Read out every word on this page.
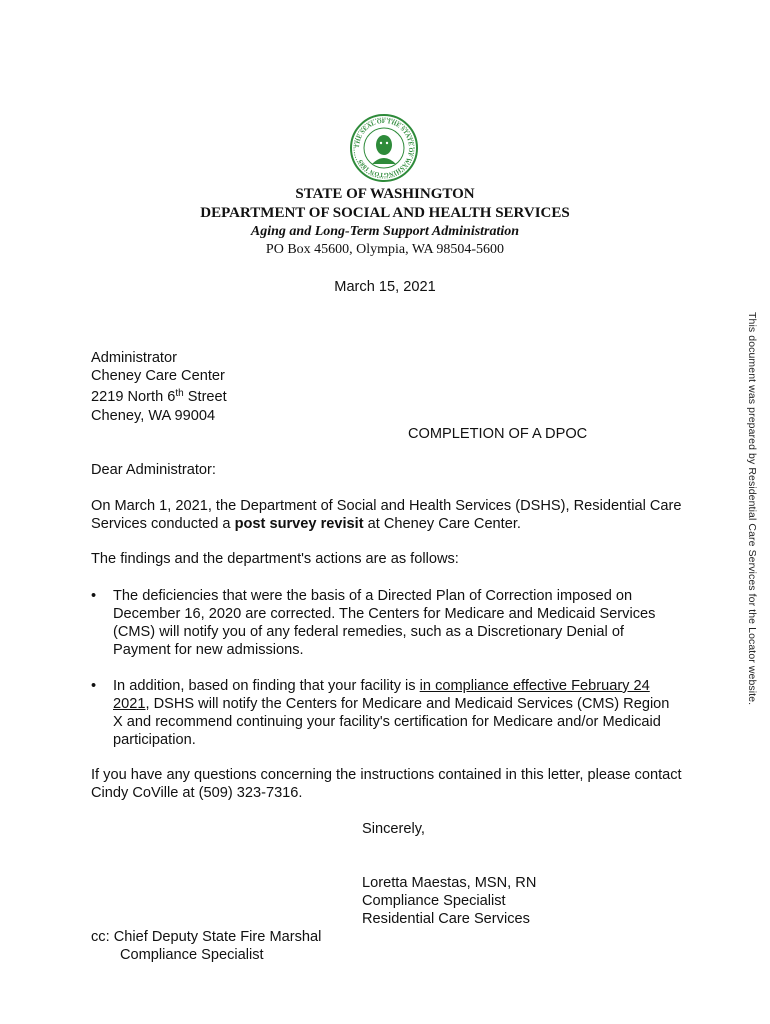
THE SEAL OF THE STATE OF WASHINGTON 1889
STATE OF WASHINGTON
DEPARTMENT OF SOCIAL AND HEALTH SERVICES
Aging and Long-Term Support Administration
PO Box 45600, Olympia, WA 98504-5600
March 15, 2021
Administrator
Cheney Care Center
2219 North 6th Street
Cheney, WA 99004
COMPLETION OF A DPOC
Dear Administrator:
On March 1, 2021, the Department of Social and Health Services (DSHS), Residential Care Services conducted a post survey revisit at Cheney Care Center.
The findings and the department's actions are as follows:
• The deficiencies that were the basis of a Directed Plan of Correction imposed on December 16, 2020 are corrected. The Centers for Medicare and Medicaid Services (CMS) will notify you of any federal remedies, such as a Discretionary Denial of Payment for new admissions.
• In addition, based on finding that your facility is in compliance effective February 24 2021, DSHS will notify the Centers for Medicare and Medicaid Services (CMS) Region X and recommend continuing your facility's certification for Medicare and/or Medicaid participation.
If you have any questions concerning the instructions contained in this letter, please contact Cindy CoVille at (509) 323-7316.
Sincerely,
Loretta Maestas, MSN, RN
Compliance Specialist
Residential Care Services
cc: Chief Deputy State Fire Marshal
Compliance Specialist
This document was prepared by Residential Care Services for the Locator website.
